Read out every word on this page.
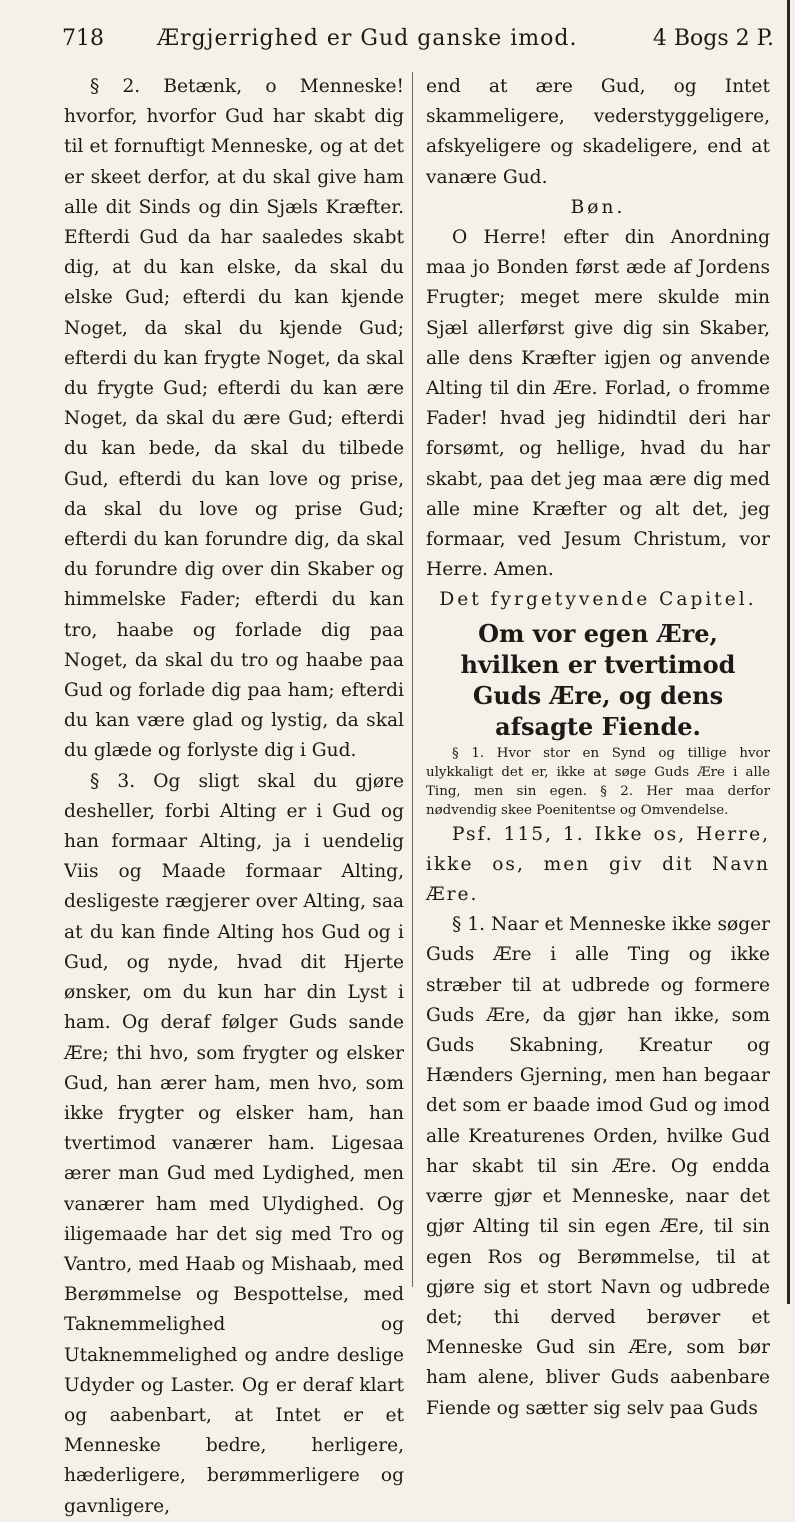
718 Ærgjerrighed er Gud ganske imod.	4 Bogs 2 P.

§ 2. Betænk, o Menneske! hvorfor, hvorfor Gud har skabt dig til et fornuftigt Menneske, og at det er skeet derfor, at du skal give ham alle dit Sinds og din Sjæls Kræfter. Efterdi Gud da har saaledes skabt dig, at du kan elske, da skal du elske Gud; efterdi du kan kjende Noget, da skal du kjende Gud; efterdi du kan frygte Noget, da skal du frygte Gud; efterdi du kan ære Noget, da skal du ære Gud; efterdi du kan bede, da skal du tilbede Gud, efterdi du kan love og prise, da skal du love og prise Gud; efterdi du kan forundre dig, da skal du forundre dig over din Skaber og himmelske Fader; efterdi du kan tro, haabe og forlade dig paa Noget, da skal du tro og haabe paa Gud og forlade dig paa ham; efterdi du kan være glad og lystig, da skal du glæde og forlyste dig i Gud.

§ 3. Og sligt skal du gjøre desheller, forbi Alting er i Gud og han formaar Alting, ja i uendelig Viis og Maade formaar Alting, desligeste rægjerer over Alting, saa at du kan finde Alting hos Gud og i Gud, og nyde, hvad dit Hjerte ønsker, om du kun har din Lyst i ham. Og deraf følger Guds sande Ære; thi hvo, som frygter og elsker Gud, han ærer ham, men hvo, som ikke frygter og elsker ham, han tvertimod vanærer ham. Ligesaa ærer man Gud med Lydighed, men vanærer ham med Ulydighed. Og iligemaade har det sig med Tro og Vantro, med Haab og Mishaab, med Berømmelse og Bespottelse, med Taknemmelighed og Utaknemmelighed og andre deslige Udyder og Laster. Og er deraf klart og aabenbart, at Intet er et Menneske bedre, herligere, hæderligere, berømmerligere og gavnligere,

end at ære Gud, og Intet skammeligere, vederstyggeligere, afskyeligere og skadeligere, end at vanære Gud.

Bøn.

O Herre! efter din Anordning maa jo Bonden først æde af Jordens Frugter; meget mere skulde min Sjæl allerførst give dig sin Skaber, alle dens Kræfter igjen og anvende Alting til din Ære. Forlad, o fromme Fader! hvad jeg hidindtil deri har forsømt, og hellige, hvad du har skabt, paa det jeg maa ære dig med alle mine Kræfter og alt det, jeg formaar, ved Jesum Christum, vor Herre. Amen.

Det fyrgetyvende Capitel.

Om vor egen Ære, hvilken er tvertimod Guds Ære, og dens afsagte Fiende.

§ 1. Hvor stor en Synd og tillige hvor ulykkaligt det er, ikke at søge Guds Ære i alle Ting, men sin egen. § 2. Her maa derfor nødvendig skee Poenitentse og Omvendelse.

Psf. 115, 1. Ikke os, Herre, ikke os, men giv dit Navn Ære.

§ 1. Naar et Menneske ikke søger Guds Ære i alle Ting og ikke stræber til at udbrede og formere Guds Ære, da gjør han ikke, som Guds Skabning, Kreatur og Hænders Gjerning, men han begaar det som er baade imod Gud og imod alle Kreaturenes Orden, hvilke Gud har skabt til sin Ære. Og endda værre gjør et Menneske, naar det gjør Alting til sin egen Ære, til sin egen Ros og Berømmelse, til at gjøre sig et stort Navn og udbrede det; thi derved berøver et Menneske Gud sin Ære, som bør ham alene, bliver Guds aabenbare Fiende og sætter sig selv paa Guds
